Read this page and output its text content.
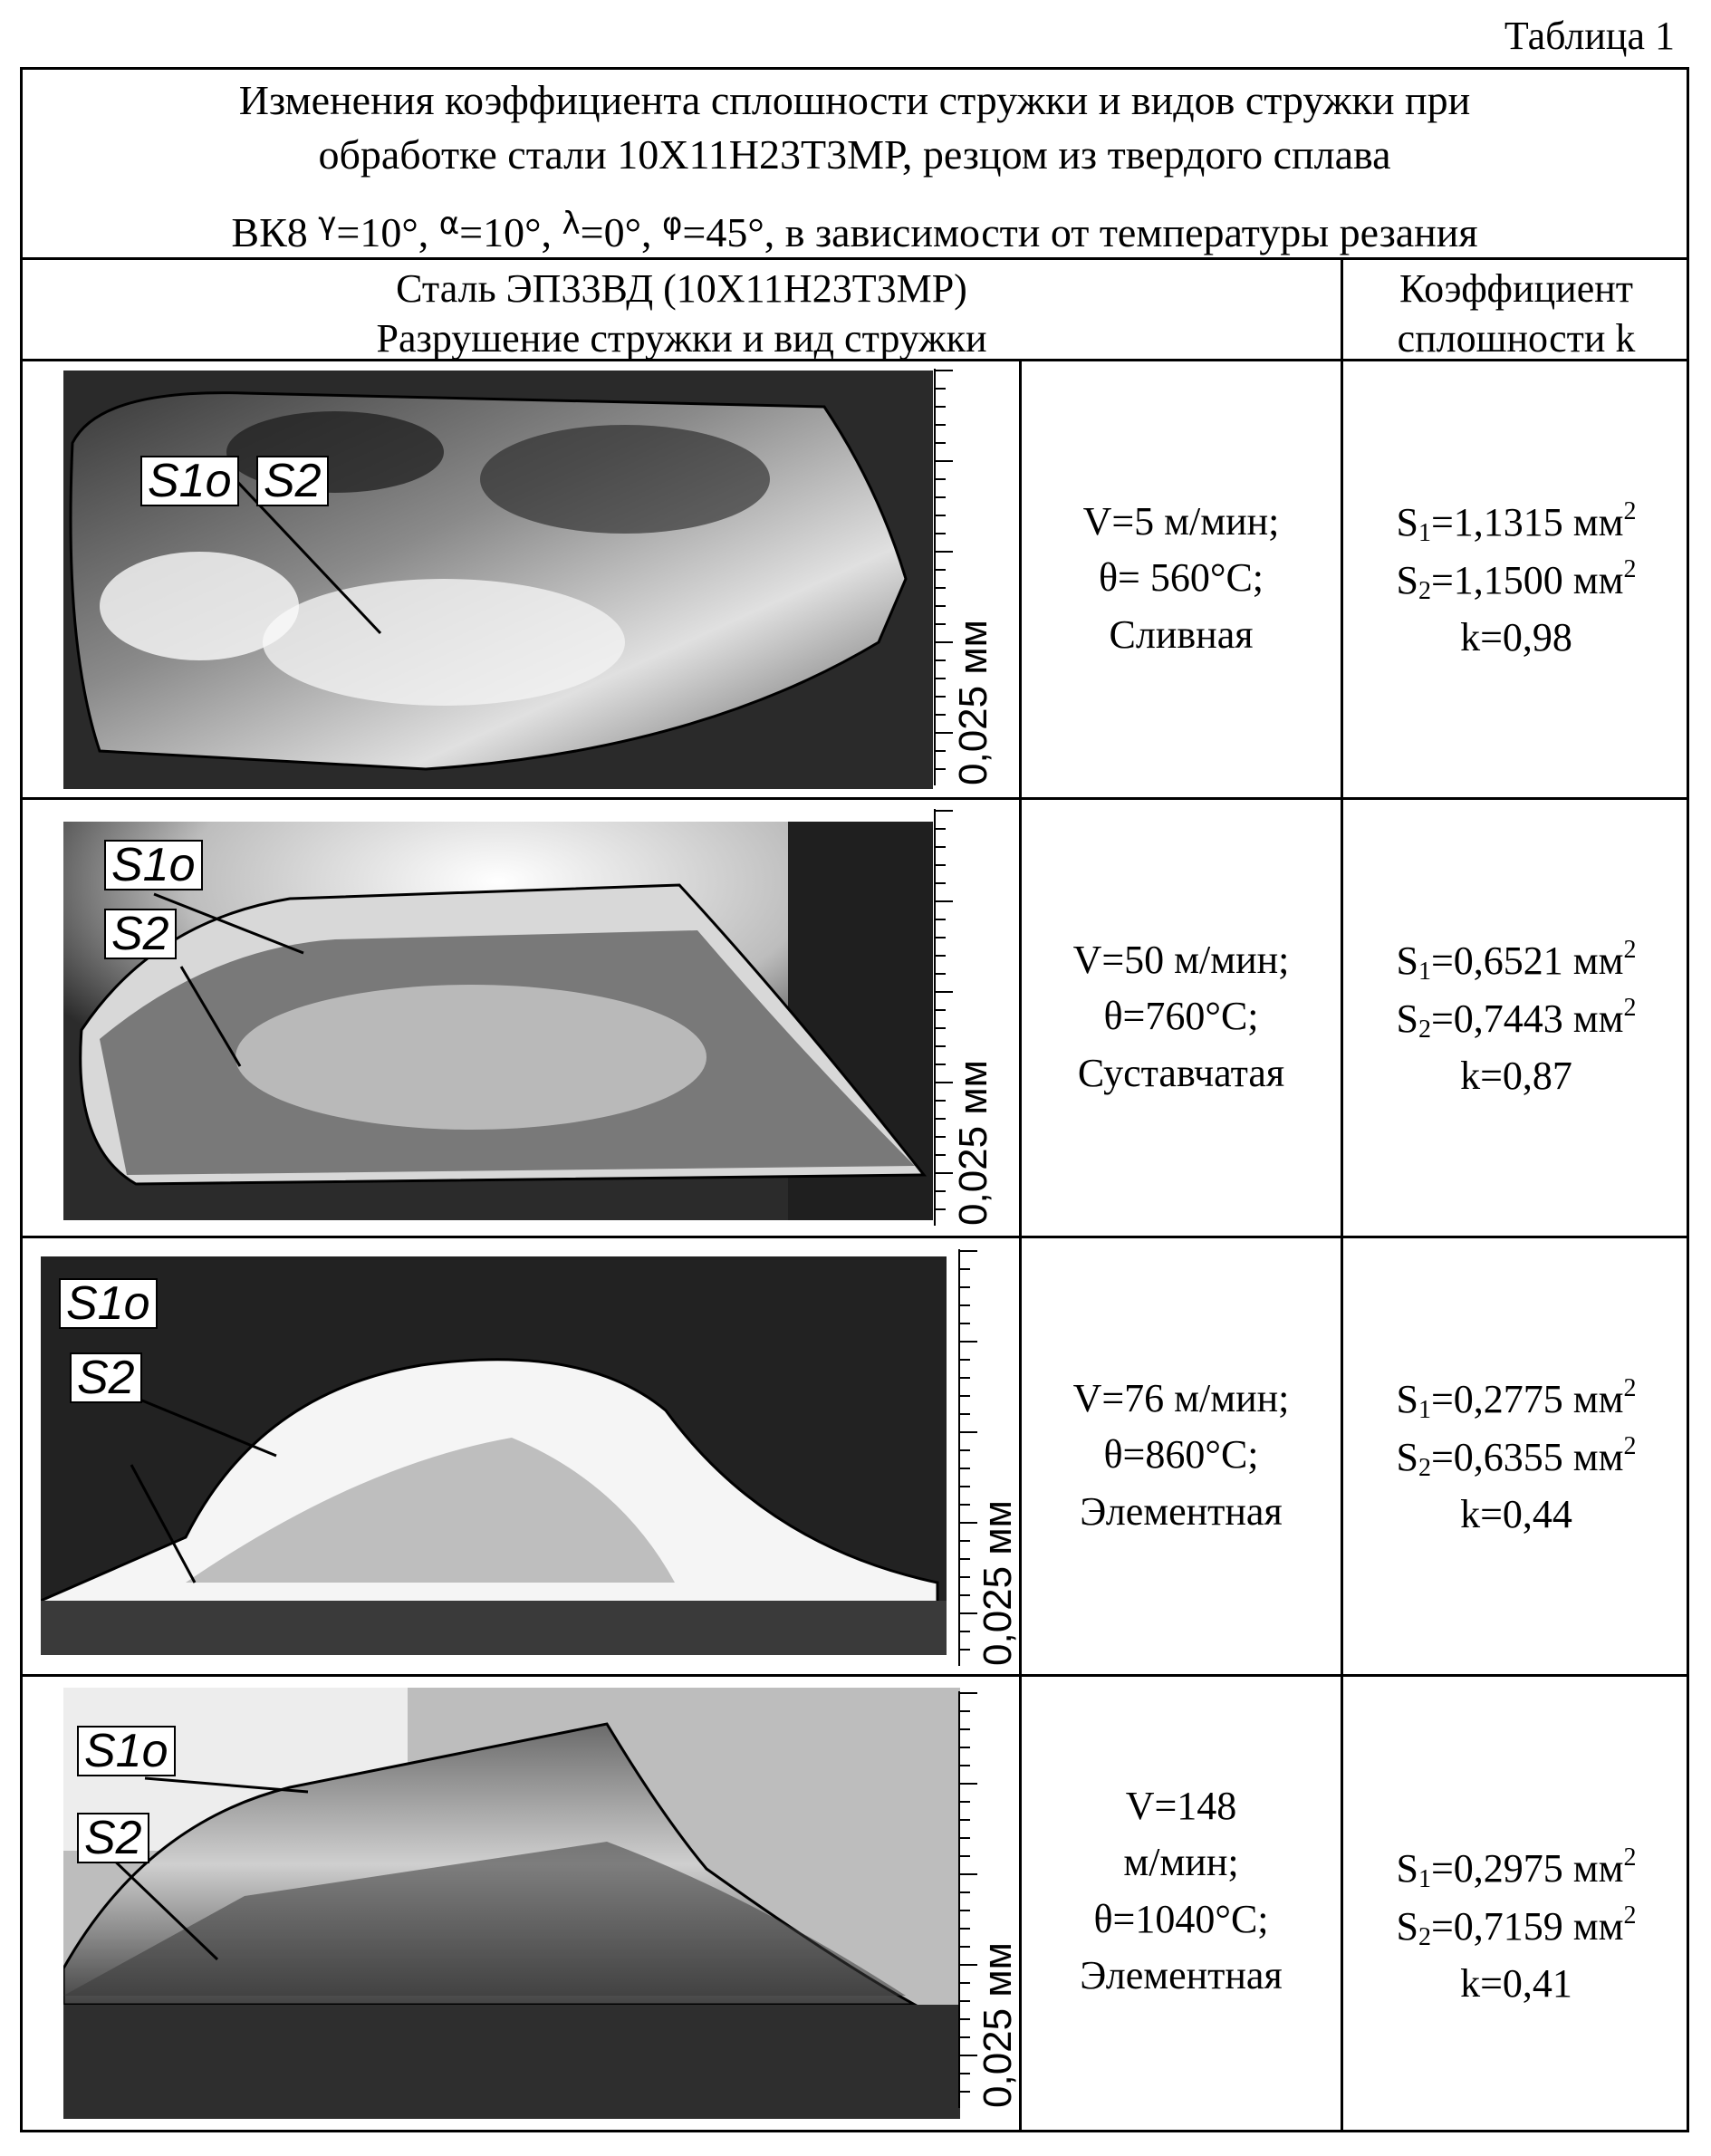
Таблица 1
Изменения коэффициента сплошности стружки и видов стружки при
обработке стали 10Х11Н23Т3МР, резцом из твердого сплава
ВК8 $^\gamma$=10°, $^\alpha$=10°, $^\lambda$=0°, $^\varphi$=45°, в зависимости от температуры резания
Сталь ЭП33ВД (10Х11Н23Т3МР)
Разрушение стружки и вид стружки
Коэффициент
сплошности k
S1o S2
0,025 мм
V=5 м/мин;
θ= 560°C;
Сливная
$S_1=1,1315$ $мм^2$
$S_2=1,1500$ $мм^2$
k=0,98
S1o
S2
0,025 мм
V=50 м/мин;
θ=760°C;
Суставчатая
$S_1=0,6521$ $мм^2$
$S_2=0,7443$ $мм^2$
k=0,87
S1o
S2
0,025 мм
V=76 м/мин;
θ=860°C;
Элементная
$S_1=0,2775$ $мм^2$
$S_2=0,6355$ $мм^2$
k=0,44
S1o
S2
0,025 мм
V=148
м/мин;
θ=1040°C;
Элементная
$S_1=0,2975$ $мм^2$
$S_2=0,7159$ $мм^2$
k=0,41
